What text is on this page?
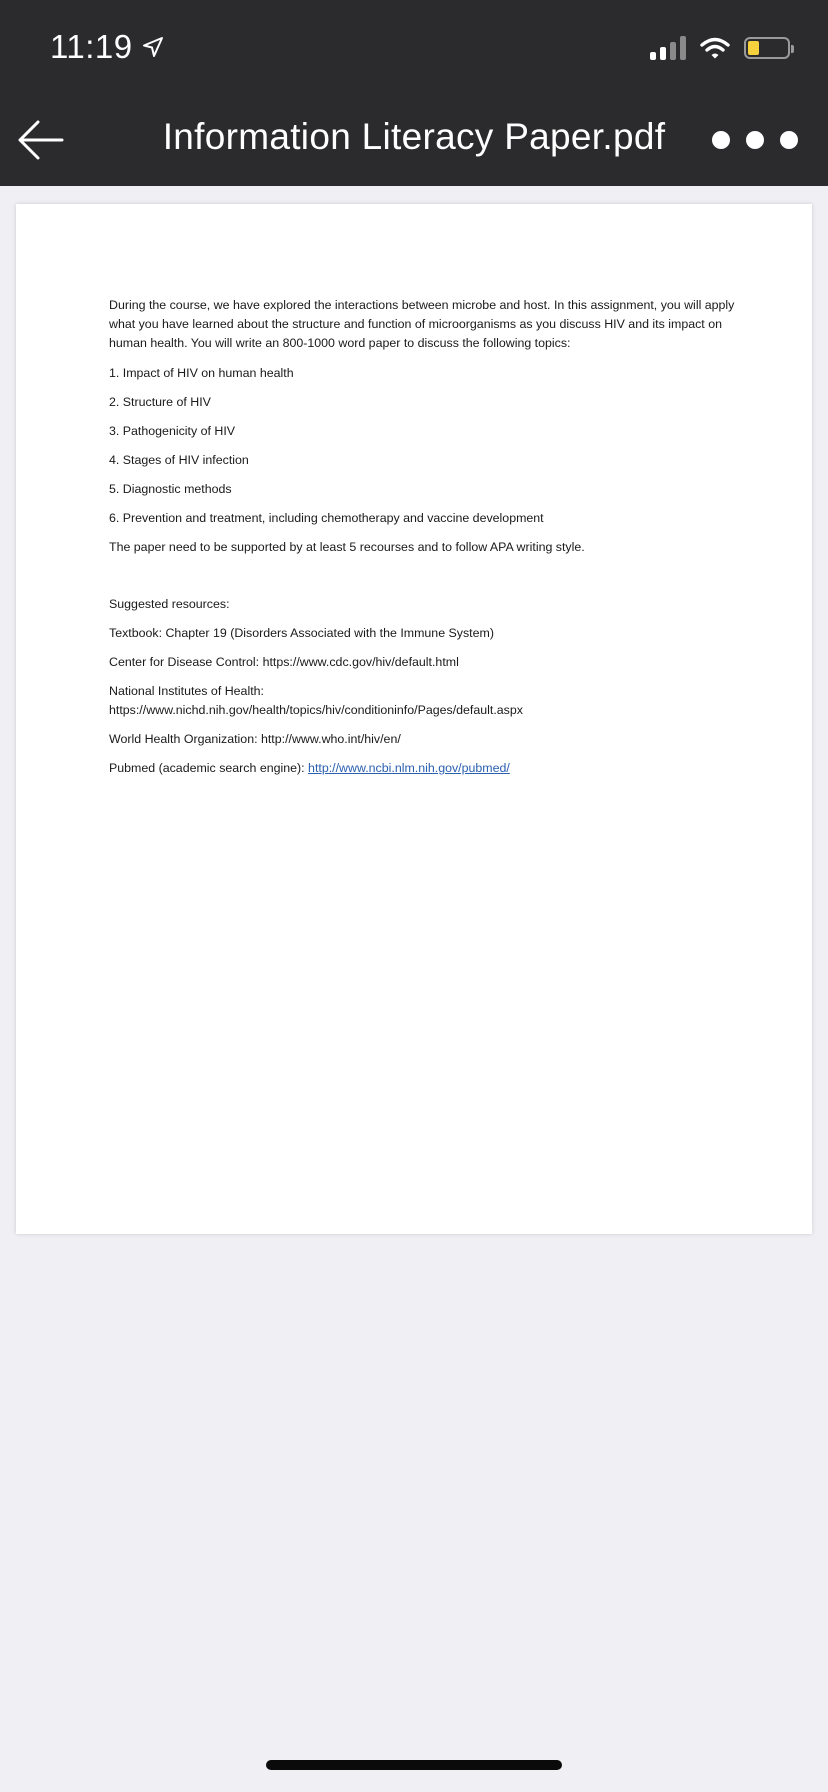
11:19
Information Literacy Paper.pdf

During the course, we have explored the interactions between microbe and host. In this assignment, you will apply what you have learned about the structure and function of microorganisms as you discuss HIV and its impact on human health. You will write an 800-1000 word paper to discuss the following topics:

1. Impact of HIV on human health

2. Structure of HIV

3. Pathogenicity of HIV

4. Stages of HIV infection

5. Diagnostic methods

6. Prevention and treatment, including chemotherapy and vaccine development

The paper need to be supported by at least 5 recourses and to follow APA writing style.

Suggested resources:

Textbook: Chapter 19 (Disorders Associated with the Immune System)

Center for Disease Control: https://www.cdc.gov/hiv/default.html

National Institutes of Health:
https://www.nichd.nih.gov/health/topics/hiv/conditioninfo/Pages/default.aspx

World Health Organization: http://www.who.int/hiv/en/

Pubmed (academic search engine): http://www.ncbi.nlm.nih.gov/pubmed/
